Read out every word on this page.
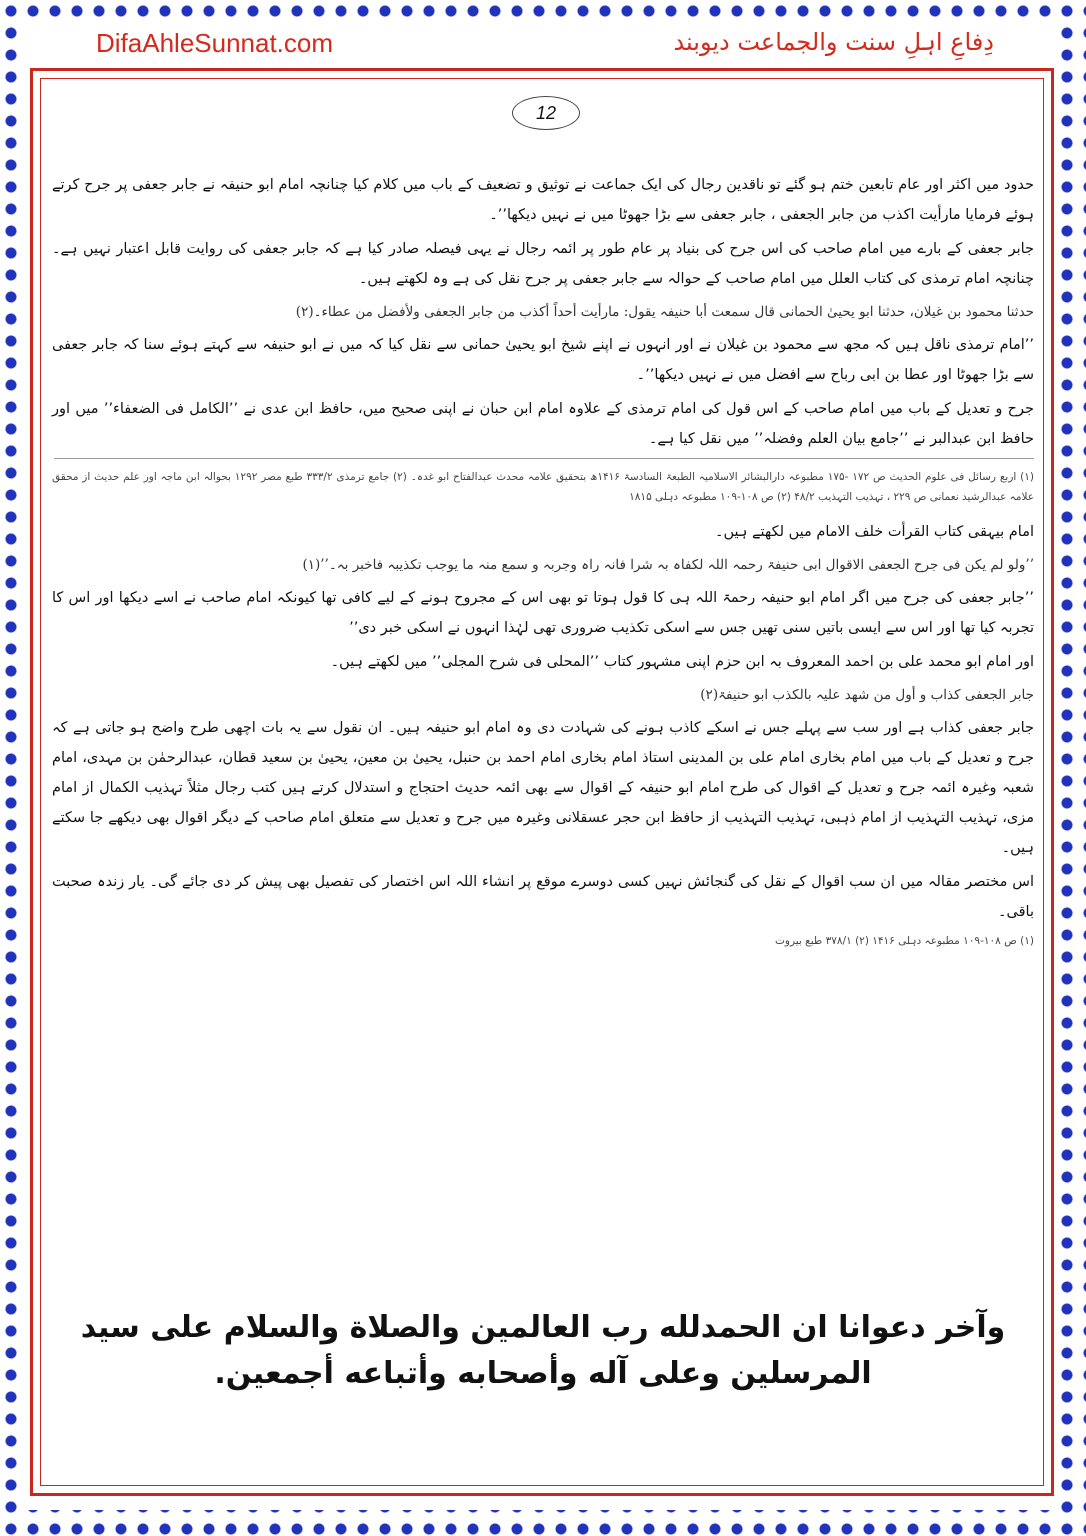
DifaAhleSunnat.com	دِفاعِ اہلِ سنت والجماعت دیوبند
12

حدود میں اکثر اور عام تابعین ختم ہو گئے تو ناقدین رجال کی ایک جماعت نے توثیق و تضعیف کے باب میں کلام کیا چنانچہ امام ابو حنیفہ نے جابر جعفی پر جرح کرتے ہوئے فرمایا مارأیت اکذب من جابر الجعفی ، جابر جعفی سے بڑا جھوٹا میں نے نہیں دیکھا’’۔

جابر جعفی کے بارے میں امام صاحب کی اس جرح کی بنیاد پر عام طور پر ائمہ رجال نے یہی فیصلہ صادر کیا ہے کہ جابر جعفی کی روایت قابل اعتبار نہیں ہے۔ چنانچہ امام ترمذی کی کتاب العلل میں امام صاحب کے حوالہ سے جابر جعفی پر جرح نقل کی ہے وہ لکھتے ہیں۔

حدثنا محمود بن غیلان، حدثنا ابو یحییٰ الحمانی قال سمعت أبا حنیفہ یقول: مارأیت أحداً أکذب من جابر الجعفی ولأفضل من عطاء۔(۲)

’’امام ترمذی ناقل ہیں کہ مجھ سے محمود بن غیلان نے اور انہوں نے اپنے شیخ ابو یحییٰ حمانی سے نقل کیا کہ میں نے ابو حنیفہ سے کہتے ہوئے سنا کہ جابر جعفی سے بڑا جھوٹا اور عطا بن ابی رباح سے افضل میں نے نہیں دیکھا’’۔

جرح و تعدیل کے باب میں امام صاحب کے اس قول کی امام ترمذی کے علاوہ امام ابن حبان نے اپنی صحیح میں، حافظ ابن عدی نے ’’الکامل فی الضعفاء’’ میں اور حافظ ابن عبدالبر نے ’’جامع بیان العلم وفضلہ’’ میں نقل کیا ہے۔

(۱) اربع رسائل فی علوم الحدیث ص ۱۷۲ -۱۷۵ مطبوعہ دارالبشائر الاسلامیہ الطبعۃ السادسۃ ۱۴۱۶ھ بتحقیق علامہ محدث عبدالفتاح ابو غدہ۔ (۲) جامع ترمذی ۳۳۳/۲ طبع مصر ۱۲۹۲ بحوالہ ابن ماجہ اور علم حدیث از محقق علامہ عبدالرشید نعمانی ص ۲۲۹ ، تہذیب التہذیب ۴۸/۲ (۲) ص ۱۰۸-۱۰۹ مطبوعہ دہلی ۱۸۱۵

امام بیہقی کتاب القرأت خلف الامام میں لکھتے ہیں۔

’’ولو لم یکن فی جرح الجعفی الاقوال ابی حنیفۃ رحمہ اللہ لکفاہ بہ شرا فانہ راہ وجربہ و سمع منہ ما یوجب تکذیبہ فاخبر بہ۔’’(۱)

’’جابر جعفی کی جرح میں اگر امام ابو حنیفہ رحمۃ اللہ ہی کا قول ہوتا تو بھی اس کے مجروح ہونے کے لیے کافی تھا کیونکہ امام صاحب نے اسے دیکھا اور اس کا تجربہ کیا تھا اور اس سے ایسی باتیں سنی تھیں جس سے اسکی تکذیب ضروری تھی لہٰذا انہوں نے اسکی خبر دی’’

اور امام ابو محمد علی بن احمد المعروف بہ ابن حزم اپنی مشہور کتاب ’’المحلی فی شرح المجلی’’ میں لکھتے ہیں۔

جابر الجعفی کذاب و أول من شھد علیہ بالکذب ابو حنیفۃ(۲)

جابر جعفی کذاب ہے اور سب سے پہلے جس نے اسکے کاذب ہونے کی شہادت دی وہ امام ابو حنیفہ ہیں۔ ان نقول سے یہ بات اچھی طرح واضح ہو جاتی ہے کہ جرح و تعدیل کے باب میں امام بخاری امام علی بن المدینی استاذ امام بخاری امام احمد بن حنبل، یحییٰ بن معین، یحییٰ بن سعید قطان، عبدالرحمٰن بن مہدی، امام شعبہ وغیرہ ائمہ جرح و تعدیل کے اقوال کی طرح امام ابو حنیفہ کے اقوال سے بھی ائمہ حدیث احتجاج و استدلال کرتے ہیں کتب رجال مثلاً تہذیب الکمال از امام مزی، تہذیب التہذیب از امام ذہبی، تہذیب التہذیب از حافظ ابن حجر عسقلانی وغیرہ میں جرح و تعدیل سے متعلق امام صاحب کے دیگر اقوال بھی دیکھے جا سکتے ہیں۔

اس مختصر مقالہ میں ان سب اقوال کے نقل کی گنجائش نہیں کسی دوسرے موقع پر انشاء اللہ اس اختصار کی تفصیل بھی پیش کر دی جائے گی۔ یار زندہ صحبت باقی۔

(۱) ص ۱۰۸-۱۰۹ مطبوعہ دہلی ۱۴۱۶ (۲) ۳۷۸/۱ طبع بیروت

وآخر دعوانا ان الحمدلله رب العالمين والصلاة والسلام على سيد المرسلين وعلى آله وأصحابه وأتباعه أجمعين.
